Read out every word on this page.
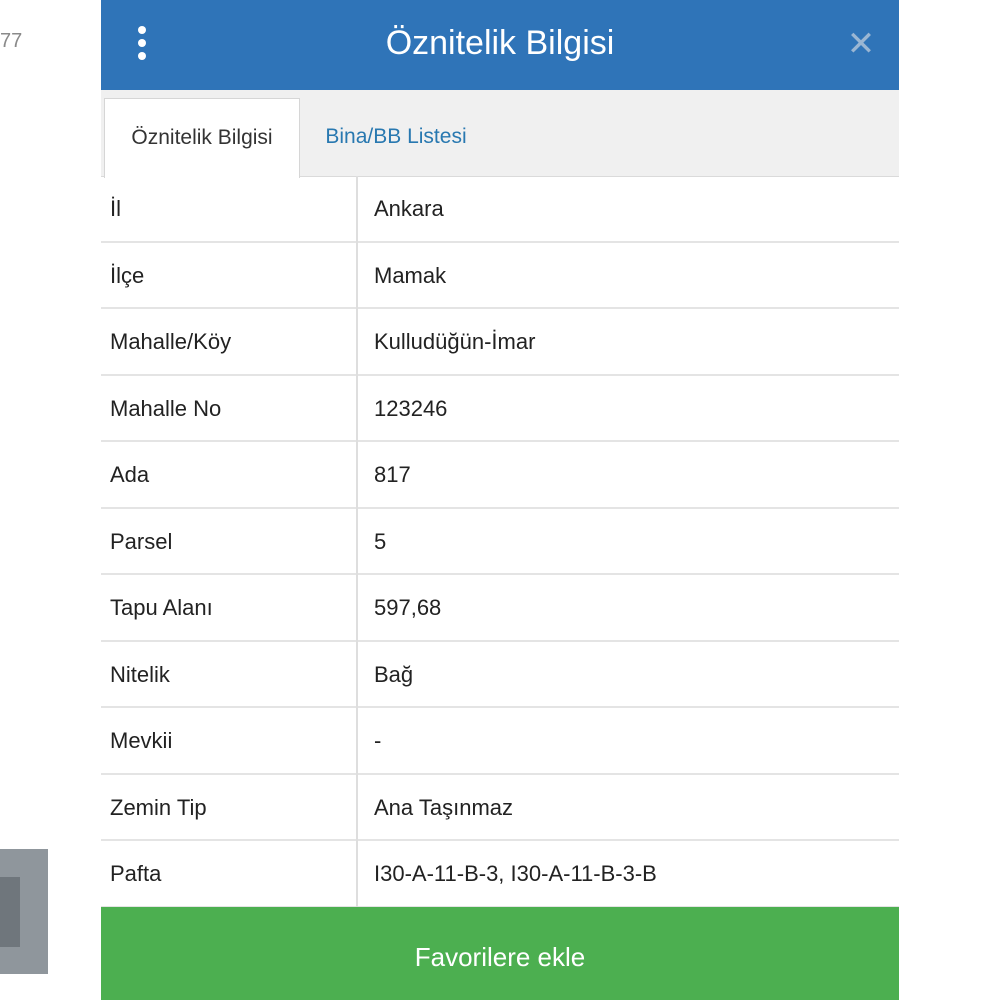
77	Öznitelik Bilgisi	✕
Öznitelik Bilgisi	Bina/BB Listesi
İl	Ankara
İlçe	Mamak
Mahalle/Köy	Kulludüğün-İmar
Mahalle No	123246
Ada	817
Parsel	5
Tapu Alanı	597,68
Nitelik	Bağ
Mevkii	-
Zemin Tip	Ana Taşınmaz
Pafta	I30-A-11-B-3, I30-A-11-B-3-B
Favorilere ekle
